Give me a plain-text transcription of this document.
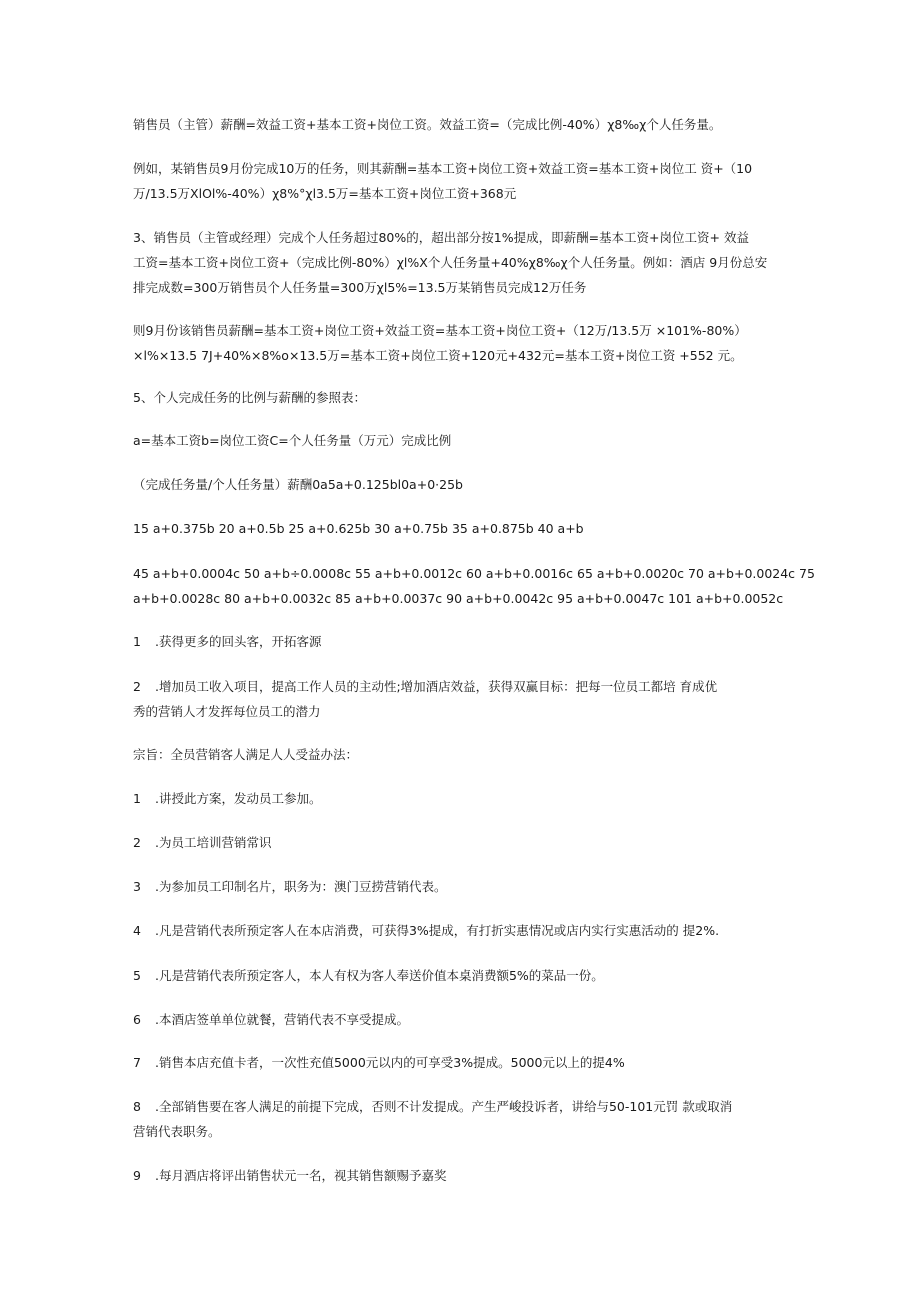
销售员（主管）薪酬=效益工资+基本工资+岗位工资。效益工资=（完成比例-40%）χ8‰χ个人任务量。
例如，某销售员9月份完成10万的任务，则其薪酬=基本工资+岗位工资+效益工资=基本工资+岗位工 资+（10
万/13.5万XlOl%-40%）χ8%°χl3.5万=基本工资+岗位工资+368元
3、销售员（主管或经理）完成个人任务超过80%的，超出部分按1%提成，即薪酬=基本工资+岗位工资+ 效益
工资=基本工资+岗位工资+（完成比例-80%）χl%X个人任务量+40%χ8‰χ个人任务量。例如：酒店 9月份总安
排完成数=300万销售员个人任务量=300万χl5%=13.5万某销售员完成12万任务
则9月份该销售员薪酬=基本工资+岗位工资+效益工资=基本工资+岗位工资+（12万/13.5万 ×101%-80%）
×l%×13.5 7J+40%×8%o×13.5万=基本工资+岗位工资+120元+432元=基本工资+岗位工资 +552 元。
5、个人完成任务的比例与薪酬的参照表：
a=基本工资b=岗位工资C=个人任务量（万元）完成比例
（完成任务量/个人任务量）薪酬0a5a+0.125bl0a+0·25b
15 a+0.375b 20 a+0.5b 25 a+0.625b 30 a+0.75b 35 a+0.875b 40 a+b
45 a+b+0.0004c 50 a+b÷0.0008c 55 a+b+0.0012c 60 a+b+0.0016c 65 a+b+0.0020c 70 a+b+0.0024c 75
a+b+0.0028c 80 a+b+0.0032c 85 a+b+0.0037c 90 a+b+0.0042c 95 a+b+0.0047c 101 a+b+0.0052c
1 .获得更多的回头客，开拓客源
2 .增加员工收入项目，提高工作人员的主动性;增加酒店效益，获得双赢目标：把每一位员工都培 育成优
秀的营销人才发挥每位员工的潜力
宗旨：全员营销客人满足人人受益办法：
1 .讲授此方案，发动员工参加。
2 .为员工培训营销常识
3 .为参加员工印制名片，职务为：澳门豆捞营销代表。
4 .凡是营销代表所预定客人在本店消费，可获得3%提成，有打折实惠情况或店内实行实惠活动的 提2%.
5 .凡是营销代表所预定客人，本人有权为客人奉送价值本桌消费额5%的菜品一份。
6 .本酒店签单单位就餐，营销代表不享受提成。
7 .销售本店充值卡者，一次性充值5000元以内的可享受3%提成。5000元以上的提4%
8 .全部销售要在客人满足的前提下完成，否则不计发提成。产生严峻投诉者，讲给与50-101元罚 款或取消
营销代表职务。
9 .每月酒店将评出销售状元一名，视其销售额赐予嘉奖
